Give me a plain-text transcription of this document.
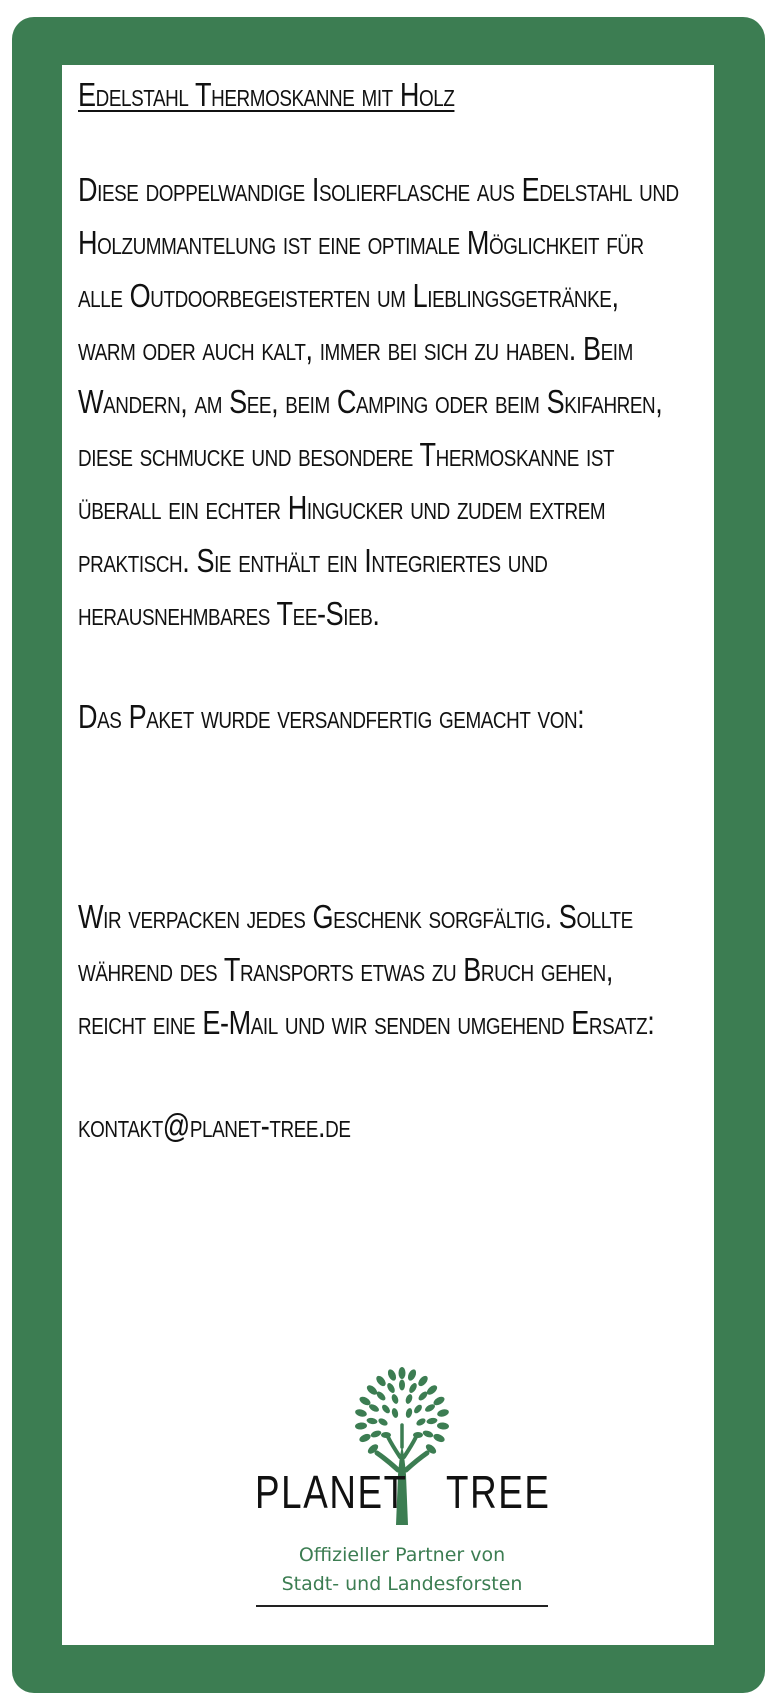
Edelstahl Thermoskanne mit Holz

Diese doppelwandige Isolierflasche aus Edelstahl und Holzummantelung ist eine optimale Möglichkeit für alle Outdoorbegeisterten um Lieblingsgetränke, warm oder auch kalt, immer bei sich zu haben. Beim Wandern, am See, beim Camping oder beim Skifahren, diese schmucke und besondere Thermoskanne ist überall ein echter Hingucker und zudem extrem praktisch. Sie enthält ein Integriertes und herausnehmbares Tee-Sieb.

Das Paket wurde versandfertig gemacht von:

Wir verpacken jedes Geschenk sorgfältig. Sollte während des Transports etwas zu Bruch gehen, reicht eine E-Mail und wir senden umgehend Ersatz:

kontakt@planet-tree.de

PLANET TREE
Offizieller Partner von
Stadt- und Landesforsten
